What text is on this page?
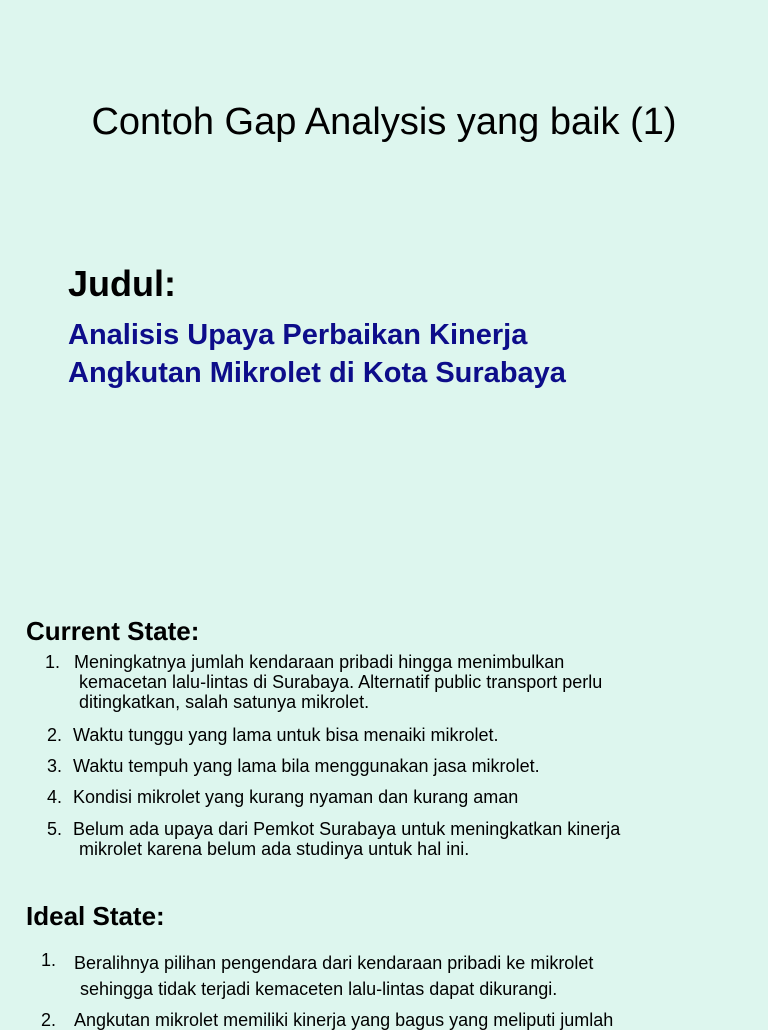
Contoh Gap Analysis yang baik (1)
Judul:
Analisis Upaya Perbaikan Kinerja
Angkutan Mikrolet di Kota Surabaya
Current State:
1. Meningkatnya jumlah kendaraan pribadi hingga menimbulkan
kemacetan lalu-lintas di Surabaya. Alternatif public transport perlu
ditingkatkan, salah satunya mikrolet.
2. Waktu tunggu yang lama untuk bisa menaiki mikrolet.
3. Waktu tempuh yang lama bila menggunakan jasa mikrolet.
4. Kondisi mikrolet yang kurang nyaman dan kurang aman
5. Belum ada upaya dari Pemkot Surabaya untuk meningkatkan kinerja
mikrolet karena belum ada studinya untuk hal ini.
Ideal State:
1. Beralihnya pilihan pengendara dari kendaraan pribadi ke mikrolet
sehingga tidak terjadi kemaceten lalu-lintas dapat dikurangi.
2. Angkutan mikrolet memiliki kinerja yang bagus yang meliputi jumlah
